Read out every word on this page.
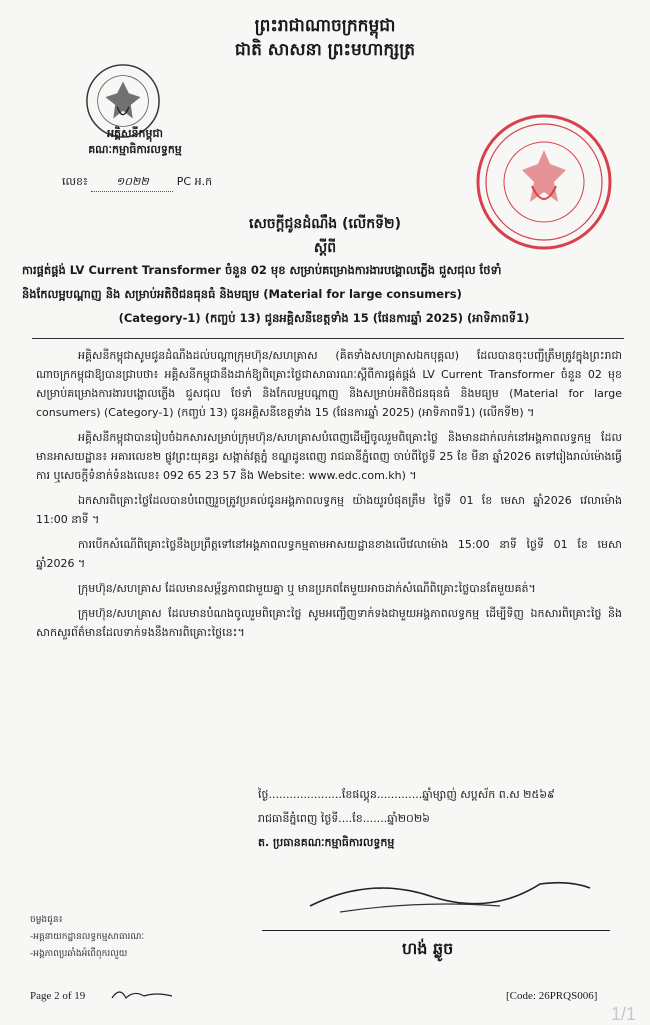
ព្រះរាជាណាចក្រកម្ពុជា
ជាតិ សាសនា ព្រះមហាក្សត្រ
អគ្គិសនីកម្ពុជា
គណៈកម្មាធិការលទ្ធកម្ម
លេខ៖	១០២២	PC អ.ក
សេចក្តីជូនដំណឹង (លើកទី២)
ស្តីពី
ការផ្គត់ផ្គង់ LV Current Transformer ចំនួន 02 មុខ សម្រាប់គម្រោងការងារបង្គោលភ្លើង ជួសជុល ថែទាំ
និងកែលម្អបណ្តាញ និង សម្រាប់អតិថិជនធុនធំ និងមធ្យម (Material for large consumers)
(Category-1) (កញ្ចប់ 13) ជូនអគ្គិសនីខេត្តទាំង 15 (ផែនការឆ្នាំ 2025) (អាទិភាពទី1)

អគ្គិសនីកម្ពុជាសូមជូនដំណឹងដល់បណ្តាក្រុមហ៊ុន/សហគ្រាស (គិតទាំងសហគ្រាសឯកបុគ្គល) ដែលបានចុះបញ្ជីត្រឹមត្រូវក្នុងព្រះរាជាណាចក្រកម្ពុជាឱ្យបានជ្រាបថា៖ អគ្គិសនីកម្ពុជានឹងដាក់ឱ្យពិគ្រោះថ្លៃជាសាធារណៈស្តីពីការផ្គត់ផ្គង់ LV Current Transformer ចំនួន 02 មុខ សម្រាប់គម្រោងការងារបង្គោលភ្លើង ជួសជុល ថែទាំ និងកែលម្អបណ្តាញ និងសម្រាប់អតិថិជនធុនធំ និងមធ្យម (Material for large consumers) (Category-1) (កញ្ចប់ 13) ជូនអគ្គិសនីខេត្តទាំង 15 (ផែនការឆ្នាំ 2025) (អាទិភាពទី1) (លើកទី២) ។

អគ្គិសនីកម្ពុជាបានរៀបចំឯកសារសម្រាប់ក្រុមហ៊ុន/សហគ្រាសបំពេញដើម្បីចូលរួមពិគ្រោះថ្លៃ និងមានដាក់លក់នៅអង្គភាពលទ្ធកម្ម ដែលមានអាសយដ្ឋាន៖ អគារលេខ២ ផ្លូវព្រះយុគន្ធរ សង្កាត់វត្តភ្នំ ខណ្ឌដូនពេញ រាជធានីភ្នំពេញ ចាប់ពីថ្ងៃទី 25 ខែ មីនា ឆ្នាំ2026 តទៅរៀងរាល់ម៉ោងធ្វើការ ឬសេចក្តីទំនាក់ទំនងលេខ៖ 092 65 23 57 និង Website: www.edc.com.kh) ។

ឯកសារពិគ្រោះថ្លៃដែលបានបំពេញរួចត្រូវប្រគល់ជូនអង្គភាពលទ្ធកម្ម យ៉ាងយូរបំផុតត្រឹម ថ្ងៃទី 01 ខែ មេសា ឆ្នាំ2026 វេលាម៉ោង 11:00 នាទី ។

ការបើកសំណើពិគ្រោះថ្លៃនឹងប្រព្រឹត្តទៅនៅអង្គភាពលទ្ធកម្មតាមអាសយដ្ឋានខាងលើវេលាម៉ោង 15:00 នាទី ថ្ងៃទី 01 ខែ មេសា ឆ្នាំ2026 ។

ក្រុមហ៊ុន/សហគ្រាស ដែលមានសម្ព័ន្ធភាពជាមួយគ្នា ឬ មានប្រភពតែមួយអាចដាក់សំណើពិគ្រោះថ្លៃបានតែមួយគត់។

ក្រុមហ៊ុន/សហគ្រាស ដែលមានបំណងចូលរួមពិគ្រោះថ្លៃ សូមអញ្ជើញទាក់ទងជាមួយអង្គភាពលទ្ធកម្ម ដើម្បីទិញ ឯកសារពិគ្រោះថ្លៃ និងសាកសួរព័ត៌មានដែលទាក់ទងនឹងការពិគ្រោះថ្លៃនេះ។

ថ្ងៃ.....................ខែផល្គុន.............ឆ្នាំម្សាញ់ សប្តស័ក ព.ស ២៥៦៩
រាជធានីភ្នំពេញ ថ្ងៃទី....ខែ.......ឆ្នាំ២០២៦
ត. ប្រធានគណៈកម្មាធិការលទ្ធកម្ម
ហង់ ឆ្លូច
ចម្លងជូន៖
-អគ្គនាយកដ្ឋានលទ្ធកម្មសាធារណៈ
-អង្គភាពប្រឆាំងអំពើពុករលួយ
Page 2 of 19	[Code: 26PRQS006]
1/1
